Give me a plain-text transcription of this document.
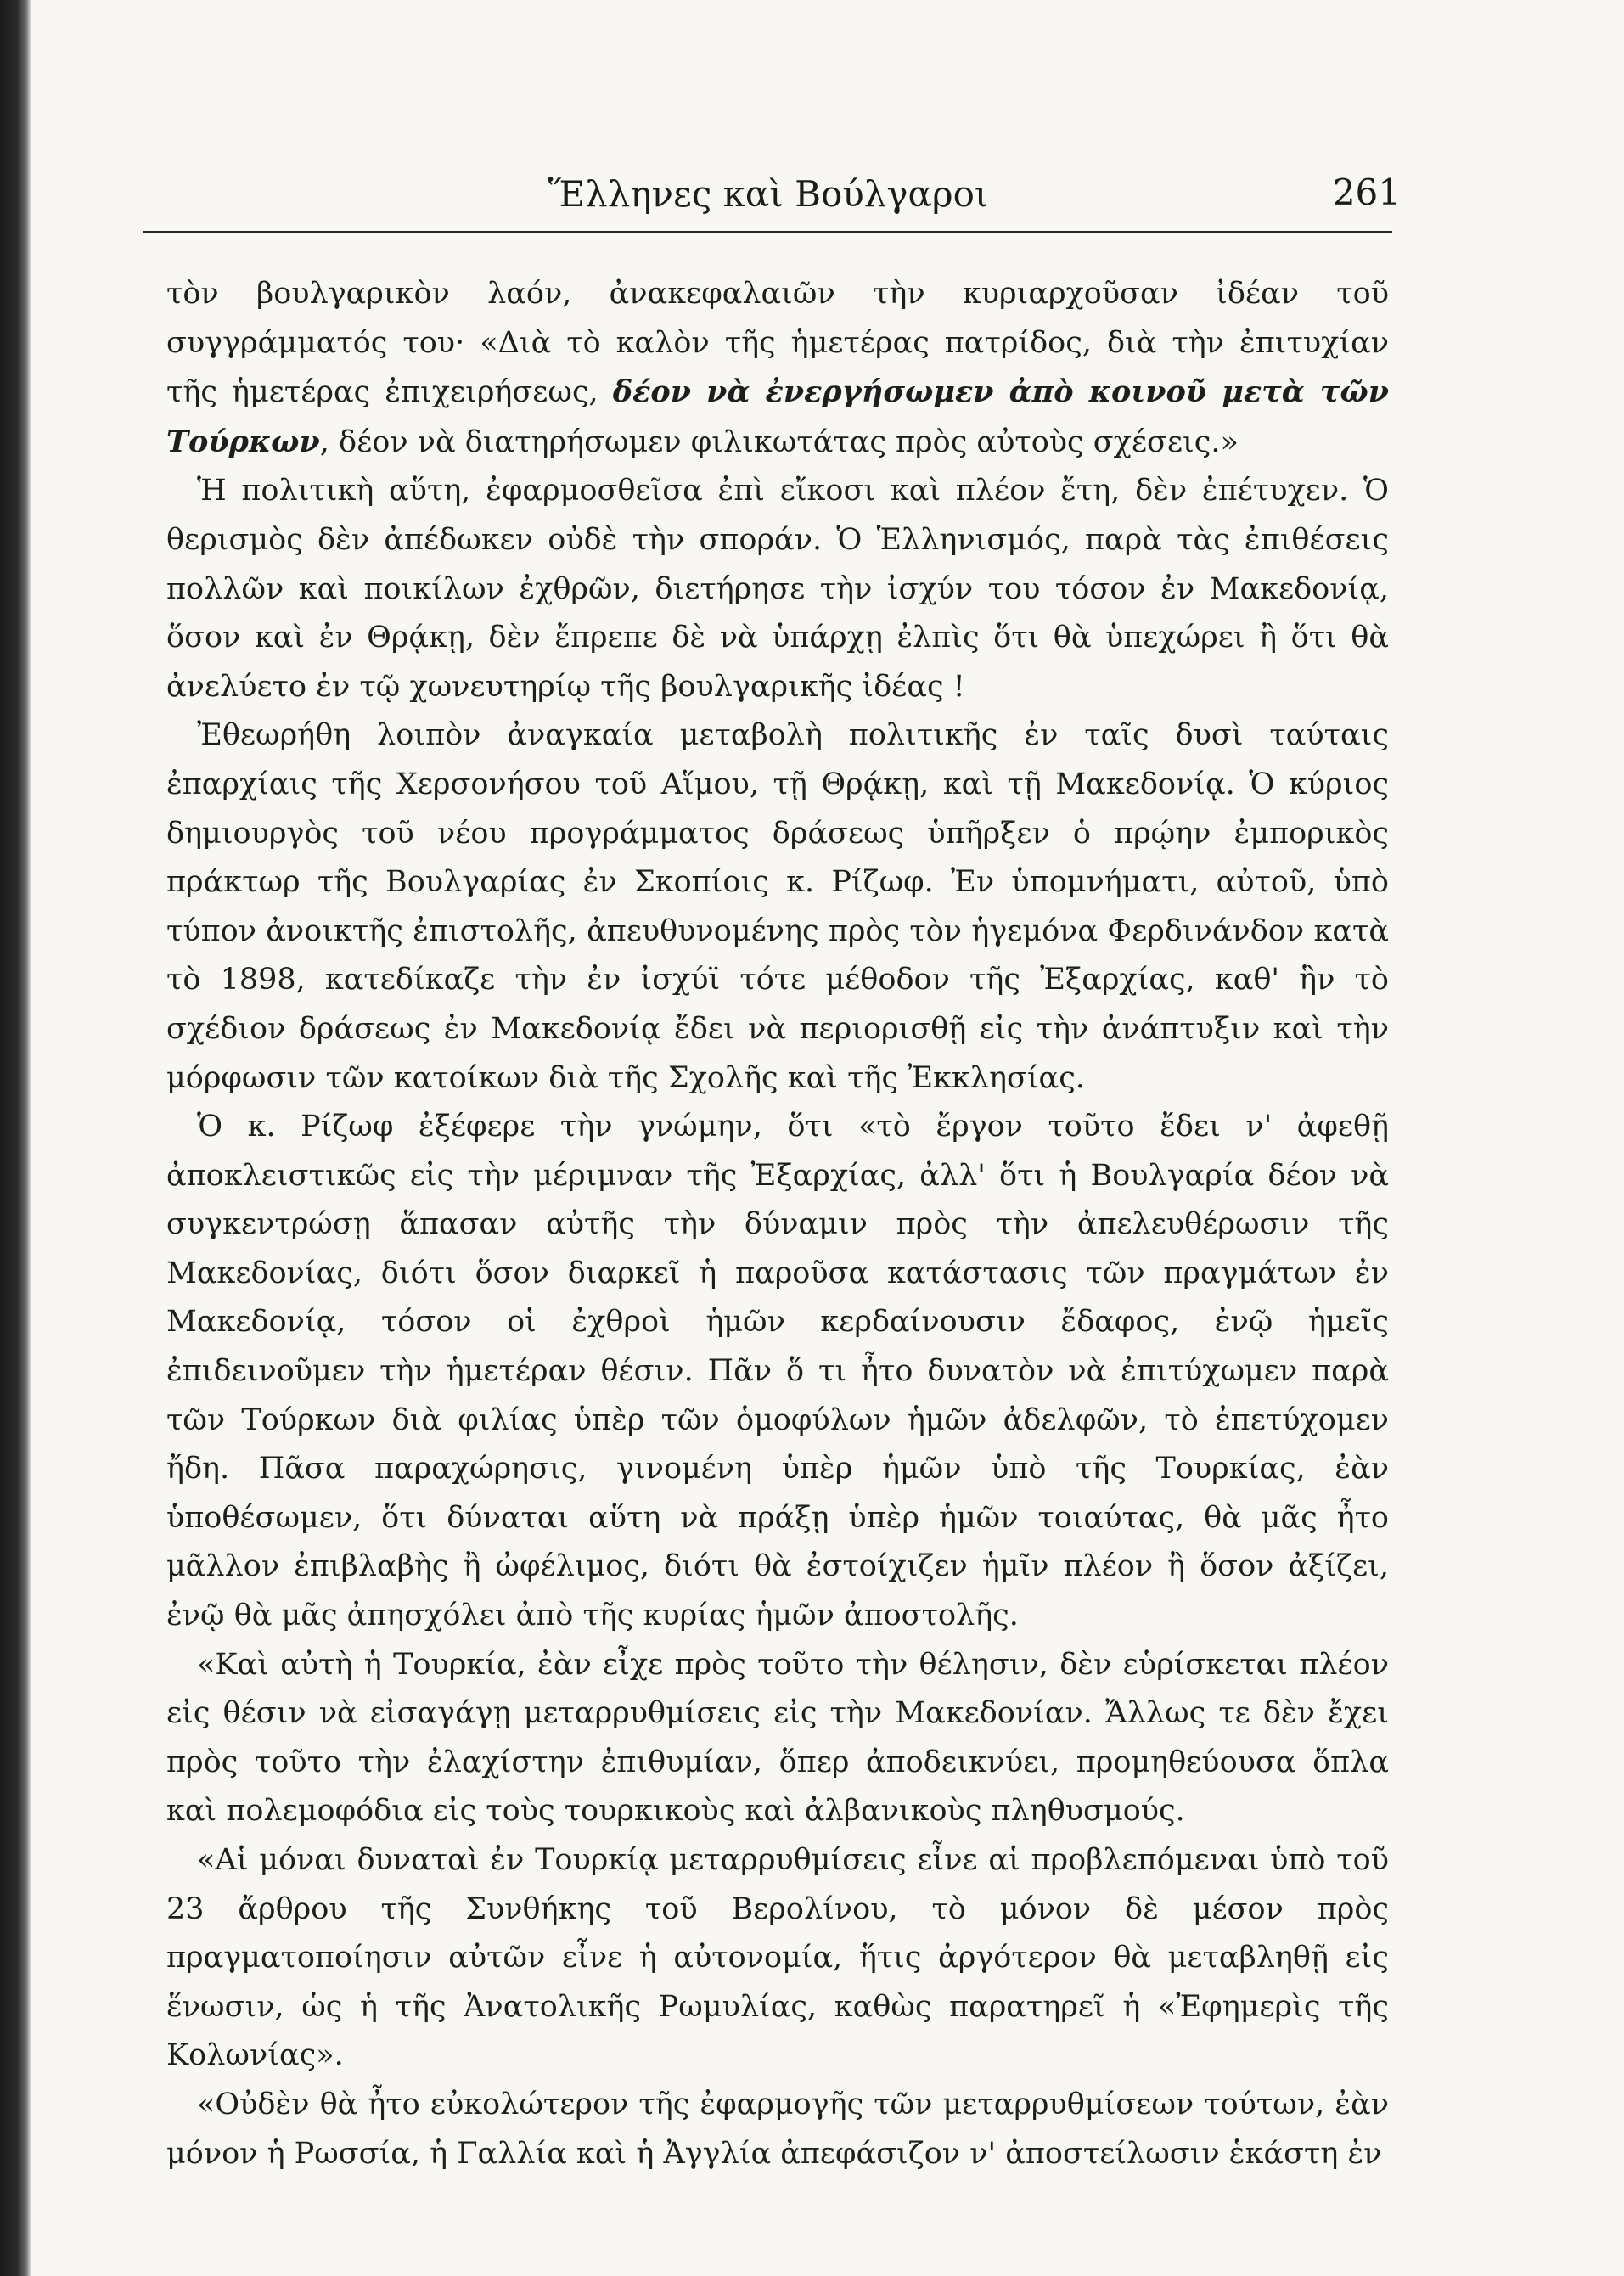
Ἕλληνες καὶ Βούλγαροι	261

τὸν βουλγαρικὸν λαόν, ἀνακεφαλαιῶν τὴν κυριαρχοῦσαν ἰδέαν τοῦ συγγράμματός του· «Διὰ τὸ καλὸν τῆς ἡμετέρας πατρίδος, διὰ τὴν ἐπιτυχίαν τῆς ἡμετέρας ἐπιχειρήσεως, δέον νὰ ἐνεργήσωμεν ἀπὸ κοινοῦ μετὰ τῶν Τούρκων, δέον νὰ διατηρήσωμεν φιλικωτάτας πρὸς αὐτοὺς σχέσεις.»

Ἡ πολιτικὴ αὕτη, ἐφαρμοσθεῖσα ἐπὶ εἴκοσι καὶ πλέον ἔτη, δὲν ἐπέτυχεν. Ὁ θερισμὸς δὲν ἀπέδωκεν οὐδὲ τὴν σποράν. Ὁ Ἑλληνισμός, παρὰ τὰς ἐπιθέσεις πολλῶν καὶ ποικίλων ἐχθρῶν, διετήρησε τὴν ἰσχύν του τόσον ἐν Μακεδονίᾳ, ὅσον καὶ ἐν Θρᾴκῃ, δὲν ἔπρεπε δὲ νὰ ὑπάρχῃ ἐλπὶς ὅτι θὰ ὑπεχώρει ἢ ὅτι θὰ ἀνελύετο ἐν τῷ χωνευτηρίῳ τῆς βουλγαρικῆς ἰδέας !

Ἐθεωρήθη λοιπὸν ἀναγκαία μεταβολὴ πολιτικῆς ἐν ταῖς δυσὶ ταύταις ἐπαρχίαις τῆς Χερσονήσου τοῦ Αἵμου, τῇ Θρᾴκῃ, καὶ τῇ Μακεδονίᾳ. Ὁ κύριος δημιουργὸς τοῦ νέου προγράμματος δράσεως ὑπῆρξεν ὁ πρῴην ἐμπορικὸς πράκτωρ τῆς Βουλγαρίας ἐν Σκοπίοις κ. Ρίζωφ. Ἐν ὑπομνήματι, αὐτοῦ, ὑπὸ τύπον ἀνοικτῆς ἐπιστολῆς, ἀπευθυνομένης πρὸς τὸν ἡγεμόνα Φερδινάνδον κατὰ τὸ 1898, κατεδίκαζε τὴν ἐν ἰσχύϊ τότε μέθοδον τῆς Ἐξαρχίας, καθ' ἣν τὸ σχέδιον δράσεως ἐν Μακεδονίᾳ ἔδει νὰ περιορισθῇ εἰς τὴν ἀνάπτυξιν καὶ τὴν μόρφωσιν τῶν κατοίκων διὰ τῆς Σχολῆς καὶ τῆς Ἐκκλησίας.

Ὁ κ. Ρίζωφ ἐξέφερε τὴν γνώμην, ὅτι «τὸ ἔργον τοῦτο ἔδει ν' ἀφεθῇ ἀποκλειστικῶς εἰς τὴν μέριμναν τῆς Ἐξαρχίας, ἀλλ' ὅτι ἡ Βουλγαρία δέον νὰ συγκεντρώσῃ ἅπασαν αὐτῆς τὴν δύναμιν πρὸς τὴν ἀπελευθέρωσιν τῆς Μακεδονίας, διότι ὅσον διαρκεῖ ἡ παροῦσα κατάστασις τῶν πραγμάτων ἐν Μακεδονίᾳ, τόσον οἱ ἐχθροὶ ἡμῶν κερδαίνουσιν ἔδαφος, ἐνῷ ἡμεῖς ἐπιδεινοῦμεν τὴν ἡμετέραν θέσιν. Πᾶν ὅ τι ἦτο δυνατὸν νὰ ἐπιτύχωμεν παρὰ τῶν Τούρκων διὰ φιλίας ὑπὲρ τῶν ὁμοφύλων ἡμῶν ἀδελφῶν, τὸ ἐπετύχομεν ἤδη. Πᾶσα παραχώρησις, γινομένη ὑπὲρ ἡμῶν ὑπὸ τῆς Τουρκίας, ἐὰν ὑποθέσωμεν, ὅτι δύναται αὕτη νὰ πράξῃ ὑπὲρ ἡμῶν τοιαύτας, θὰ μᾶς ἦτο μᾶλλον ἐπιβλαβὴς ἢ ὠφέλιμος, διότι θὰ ἐστοίχιζεν ἡμῖν πλέον ἢ ὅσον ἀξίζει, ἐνῷ θὰ μᾶς ἀπησχόλει ἀπὸ τῆς κυρίας ἡμῶν ἀποστολῆς.

«Καὶ αὐτὴ ἡ Τουρκία, ἐὰν εἶχε πρὸς τοῦτο τὴν θέλησιν, δὲν εὑρίσκεται πλέον εἰς θέσιν νὰ εἰσαγάγῃ μεταρρυθμίσεις εἰς τὴν Μακεδονίαν. Ἄλλως τε δὲν ἔχει πρὸς τοῦτο τὴν ἐλαχίστην ἐπιθυμίαν, ὅπερ ἀποδεικνύει, προμηθεύουσα ὅπλα καὶ πολεμοφόδια εἰς τοὺς τουρκικοὺς καὶ ἀλβανικοὺς πληθυσμούς.

«Αἱ μόναι δυναταὶ ἐν Τουρκίᾳ μεταρρυθμίσεις εἶνε αἱ προβλεπόμεναι ὑπὸ τοῦ 23 ἄρθρου τῆς Συνθήκης τοῦ Βερολίνου, τὸ μόνον δὲ μέσον πρὸς πραγματοποίησιν αὐτῶν εἶνε ἡ αὐτονομία, ἥτις ἀργότερον θὰ μεταβληθῇ εἰς ἕνωσιν, ὡς ἡ τῆς Ἀνατολικῆς Ρωμυλίας, καθὼς παρατηρεῖ ἡ «Ἐφημερὶς τῆς Κολωνίας».

«Οὐδὲν θὰ ἦτο εὐκολώτερον τῆς ἐφαρμογῆς τῶν μεταρρυθμίσεων τούτων, ἐὰν μόνον ἡ Ρωσσία, ἡ Γαλλία καὶ ἡ Ἀγγλία ἀπεφάσιζον ν' ἀποστείλωσιν ἑκάστη ἐν
